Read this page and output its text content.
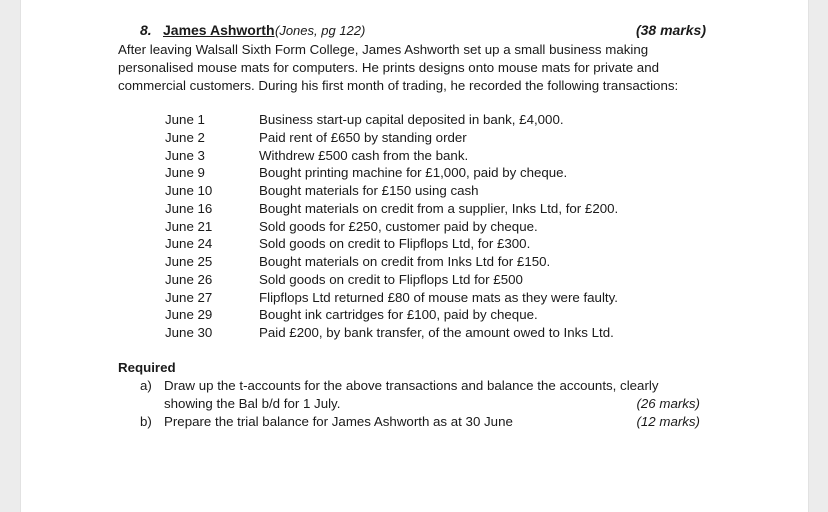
8. James Ashworth (Jones, pg 122)	(38 marks)

After leaving Walsall Sixth Form College, James Ashworth set up a small business making
personalised mouse mats for computers. He prints designs onto mouse mats for private and
commercial customers. During his first month of trading, he recorded the following transactions:

June 1	Business start-up capital deposited in bank, £4,000.
June 2	Paid rent of £650 by standing order
June 3	Withdrew £500 cash from the bank.
June 9	Bought printing machine for £1,000, paid by cheque.
June 10	Bought materials for £150 using cash
June 16	Bought materials on credit from a supplier, Inks Ltd, for £200.
June 21	Sold goods for £250, customer paid by cheque.
June 24	Sold goods on credit to Flipflops Ltd, for £300.
June 25	Bought materials on credit from Inks Ltd for £150.
June 26	Sold goods on credit to Flipflops Ltd for £500
June 27	Flipflops Ltd returned £80 of mouse mats as they were faulty.
June 29	Bought ink cartridges for £100, paid by cheque.
June 30	Paid £200, by bank transfer, of the amount owed to Inks Ltd.
Required
a) Draw up the t-accounts for the above transactions and balance the accounts, clearly
showing the Bal b/d for 1 July.	(26 marks)
b) Prepare the trial balance for James Ashworth as at 30 June	(12 marks)
